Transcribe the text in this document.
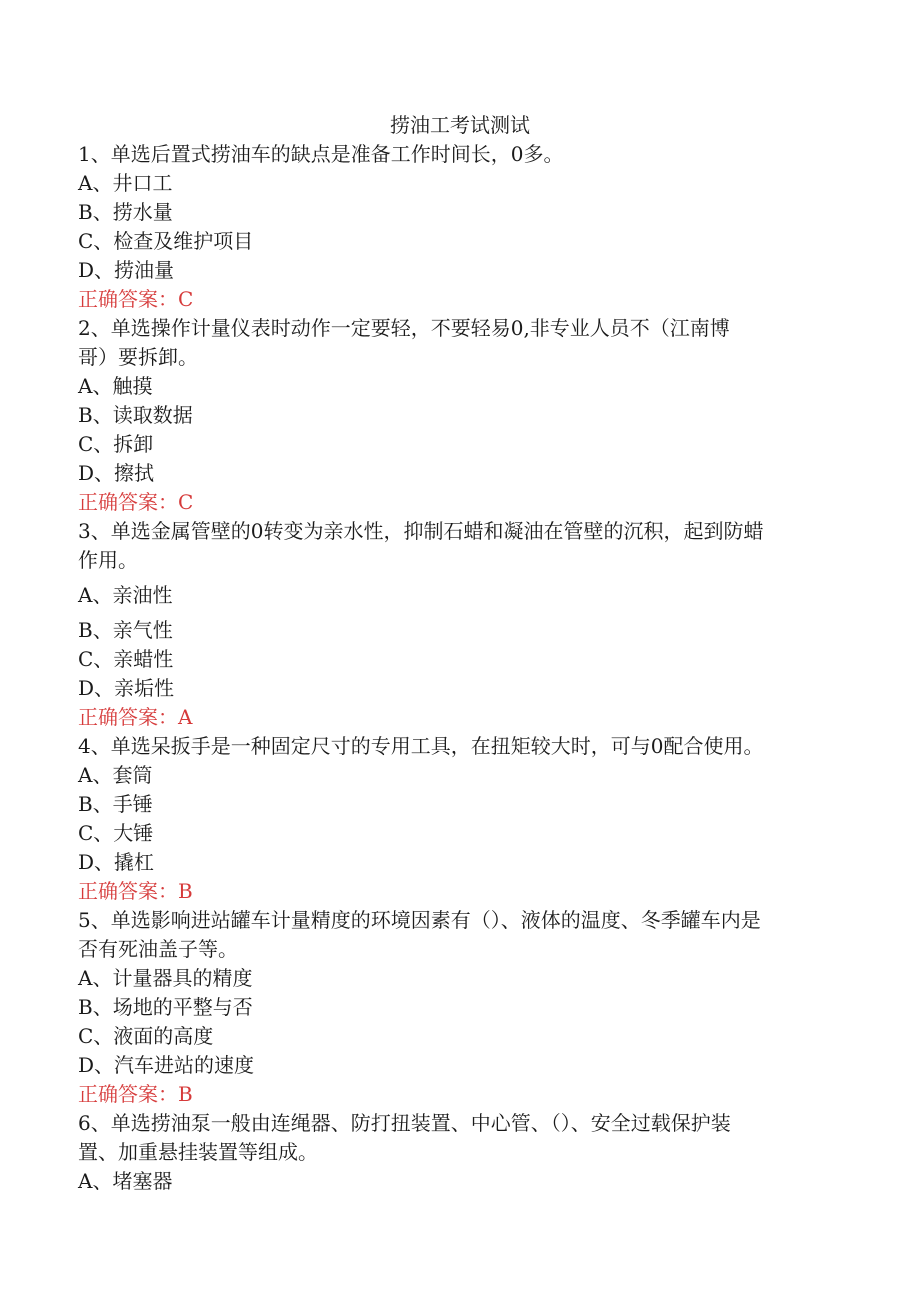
捞油工考试测试
1、单选后置式捞油车的缺点是准备工作时间长，0多。
A、井口工
B、捞水量
C、检查及维护项目
D、捞油量
正确答案：C
2、单选操作计量仪表时动作一定要轻，不要轻易0,非专业人员不（江南博
哥）要拆卸。
A、触摸
B、读取数据
C、拆卸
D、擦拭
正确答案：C
3、单选金属管壁的0转变为亲水性，抑制石蜡和凝油在管壁的沉积，起到防蜡
作用。
A、亲油性
B、亲气性
C、亲蜡性
D、亲垢性
正确答案：A
4、单选呆扳手是一种固定尺寸的专用工具，在扭矩较大时，可与0配合使用。
A、套筒
B、手锤
C、大锤
D、撬杠
正确答案：B
5、单选影响进站罐车计量精度的环境因素有（）、液体的温度、冬季罐车内是
否有死油盖子等。
A、计量器具的精度
B、场地的平整与否
C、液面的高度
D、汽车进站的速度
正确答案：B
6、单选捞油泵一般由连绳器、防打扭装置、中心管、（）、安全过载保护装
置、加重悬挂装置等组成。
A、堵塞器
